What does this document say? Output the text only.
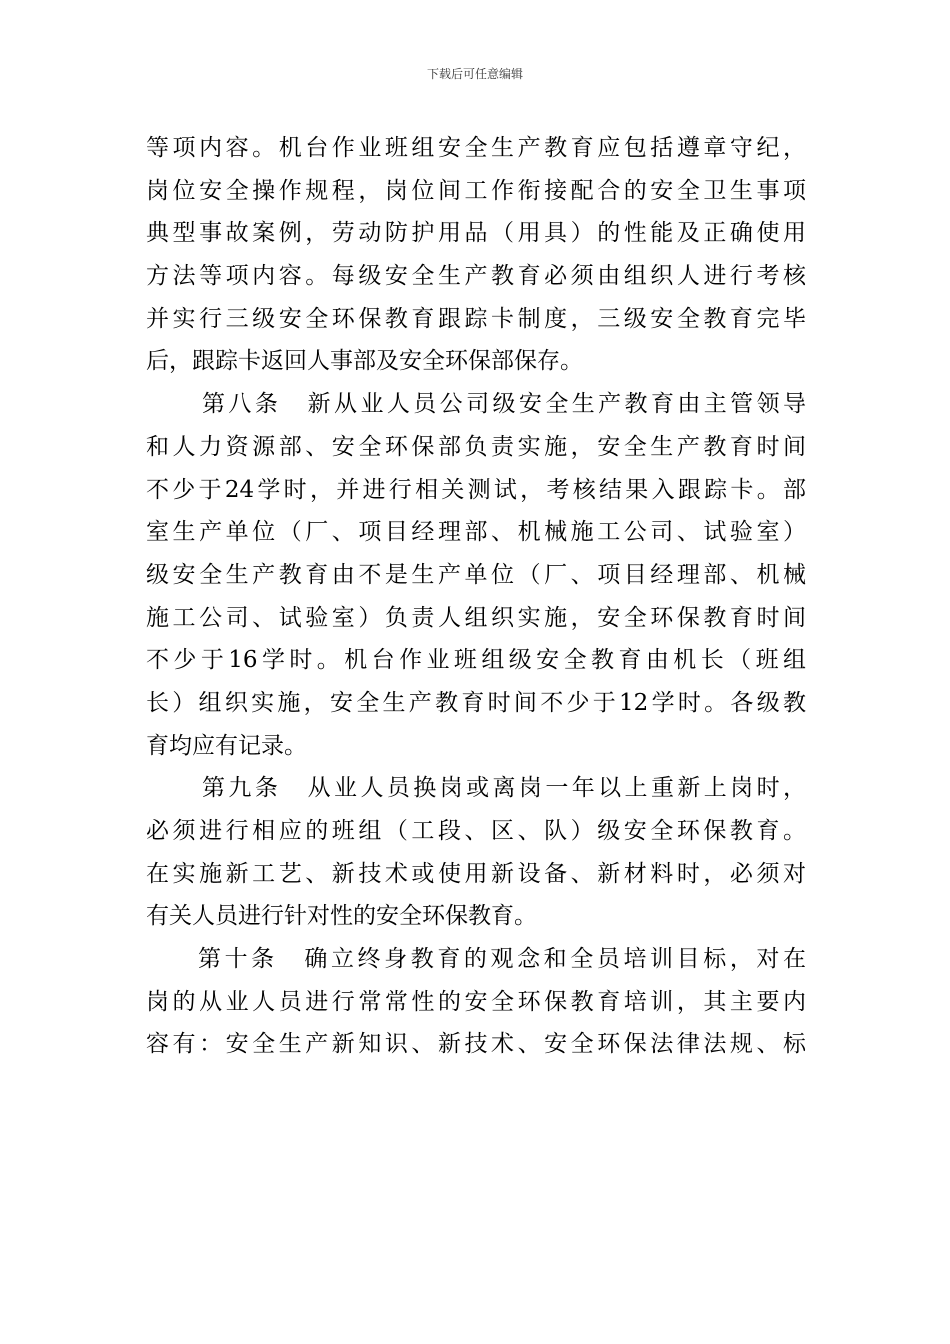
下载后可任意编辑
等项内容。机台作业班组安全生产教育应包括遵章守纪，
岗位安全操作规程，岗位间工作衔接配合的安全卫生事项
典型事故案例，劳动防护用品（用具）的性能及正确使用
方法等项内容。每级安全生产教育必须由组织人进行考核
并实行三级安全环保教育跟踪卡制度，三级安全教育完毕
后，跟踪卡返回人事部及安全环保部保存。
第八条　新从业人员公司级安全生产教育由主管领导
和人力资源部、安全环保部负责实施，安全生产教育时间
不少于24学时，并进行相关测试，考核结果入跟踪卡。部
室生产单位（厂、项目经理部、机械施工公司、试验室）
级安全生产教育由不是生产单位（厂、项目经理部、机械
施工公司、试验室）负责人组织实施，安全环保教育时间
不少于16学时。机台作业班组级安全教育由机长（班组
长）组织实施，安全生产教育时间不少于12学时。各级教
育均应有记录。
第九条　从业人员换岗或离岗一年以上重新上岗时，
必须进行相应的班组（工段、区、队）级安全环保教育。
在实施新工艺、新技术或使用新设备、新材料时，必须对
有关人员进行针对性的安全环保教育。
第十条　确立终身教育的观念和全员培训目标，对在
岗的从业人员进行常常性的安全环保教育培训，其主要内
容有：安全生产新知识、新技术、安全环保法律法规、标
